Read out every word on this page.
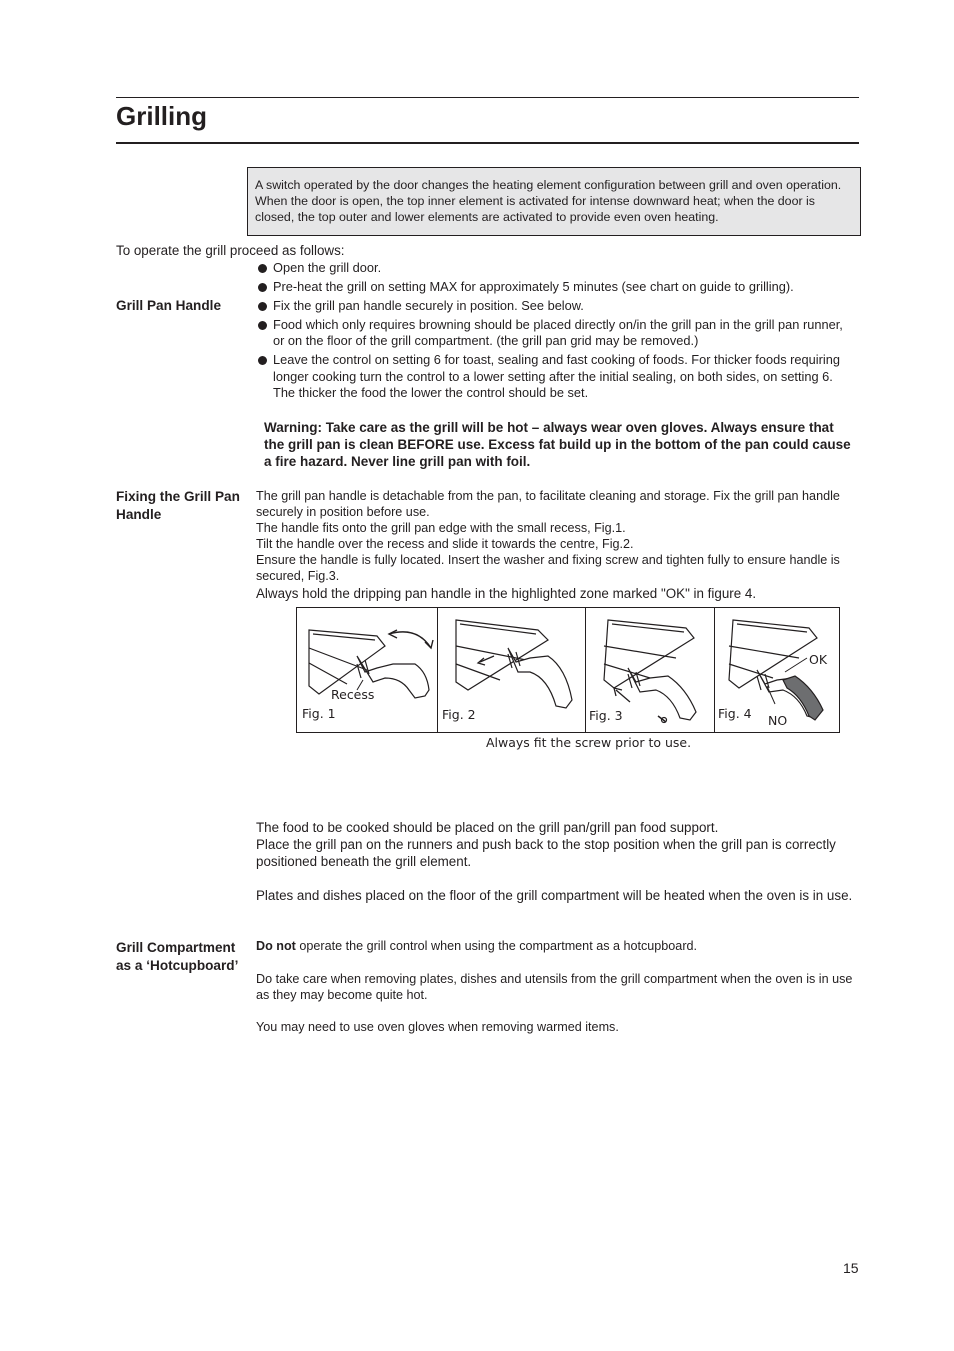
Grilling
A switch operated by the door changes the heating element configuration between grill and oven operation. When the door is open, the top inner element is activated for intense downward heat; when the door is closed, the top outer and lower elements are activated to provide even oven heating.
To operate the grill proceed as follows:
Grill Pan Handle
Open the grill door.
Pre-heat the grill on setting MAX for approximately 5 minutes (see chart on guide to grilling).
Fix the grill pan handle securely in position. See below.
Food which only requires browning should be placed directly on/in the grill pan in the grill pan runner, or on the floor of the grill compartment. (the grill pan grid may be removed.)
Leave the control on setting 6 for toast, sealing and fast cooking of foods. For thicker foods requiring longer cooking turn the control to a lower setting after the initial sealing, on both sides, on setting 6. The thicker the food the lower the control should be set.
Warning: Take care as the grill will be hot – always wear oven gloves. Always ensure that the grill pan is clean BEFORE use. Excess fat build up in the bottom of the pan could cause a fire hazard. Never line grill pan with foil.
Fixing the Grill Pan
Handle

The grill pan handle is detachable from the pan, to facilitate cleaning and storage. Fix the grill pan handle securely in position before use.

The handle fits onto the grill pan edge with the small recess, Fig.1.

Tilt the handle over the recess and slide it towards the centre, Fig.2.

Ensure the handle is fully located. Insert the washer and fixing screw and tighten fully to ensure handle is secured, Fig.3.

Always hold the dripping pan handle in the highlighted zone marked "OK" in figure 4.

Recess
Fig. 1	Fig. 2	Fig. 3
OK
Fig. 4 NO
Always fit the screw prior to use.

The food to be cooked should be placed on the grill pan/grill pan food support.

Place the grill pan on the runners and push back to the stop position when the grill pan is correctly positioned beneath the grill element.

Plates and dishes placed on the floor of the grill compartment will be heated when the oven is in use.

Grill Compartment
as a ‘Hotcupboard’

Do not operate the grill control when using the compartment as a hotcupboard.

Do take care when removing plates, dishes and utensils from the grill compartment when the oven is in use as they may become quite hot.

You may need to use oven gloves when removing warmed items.

15
